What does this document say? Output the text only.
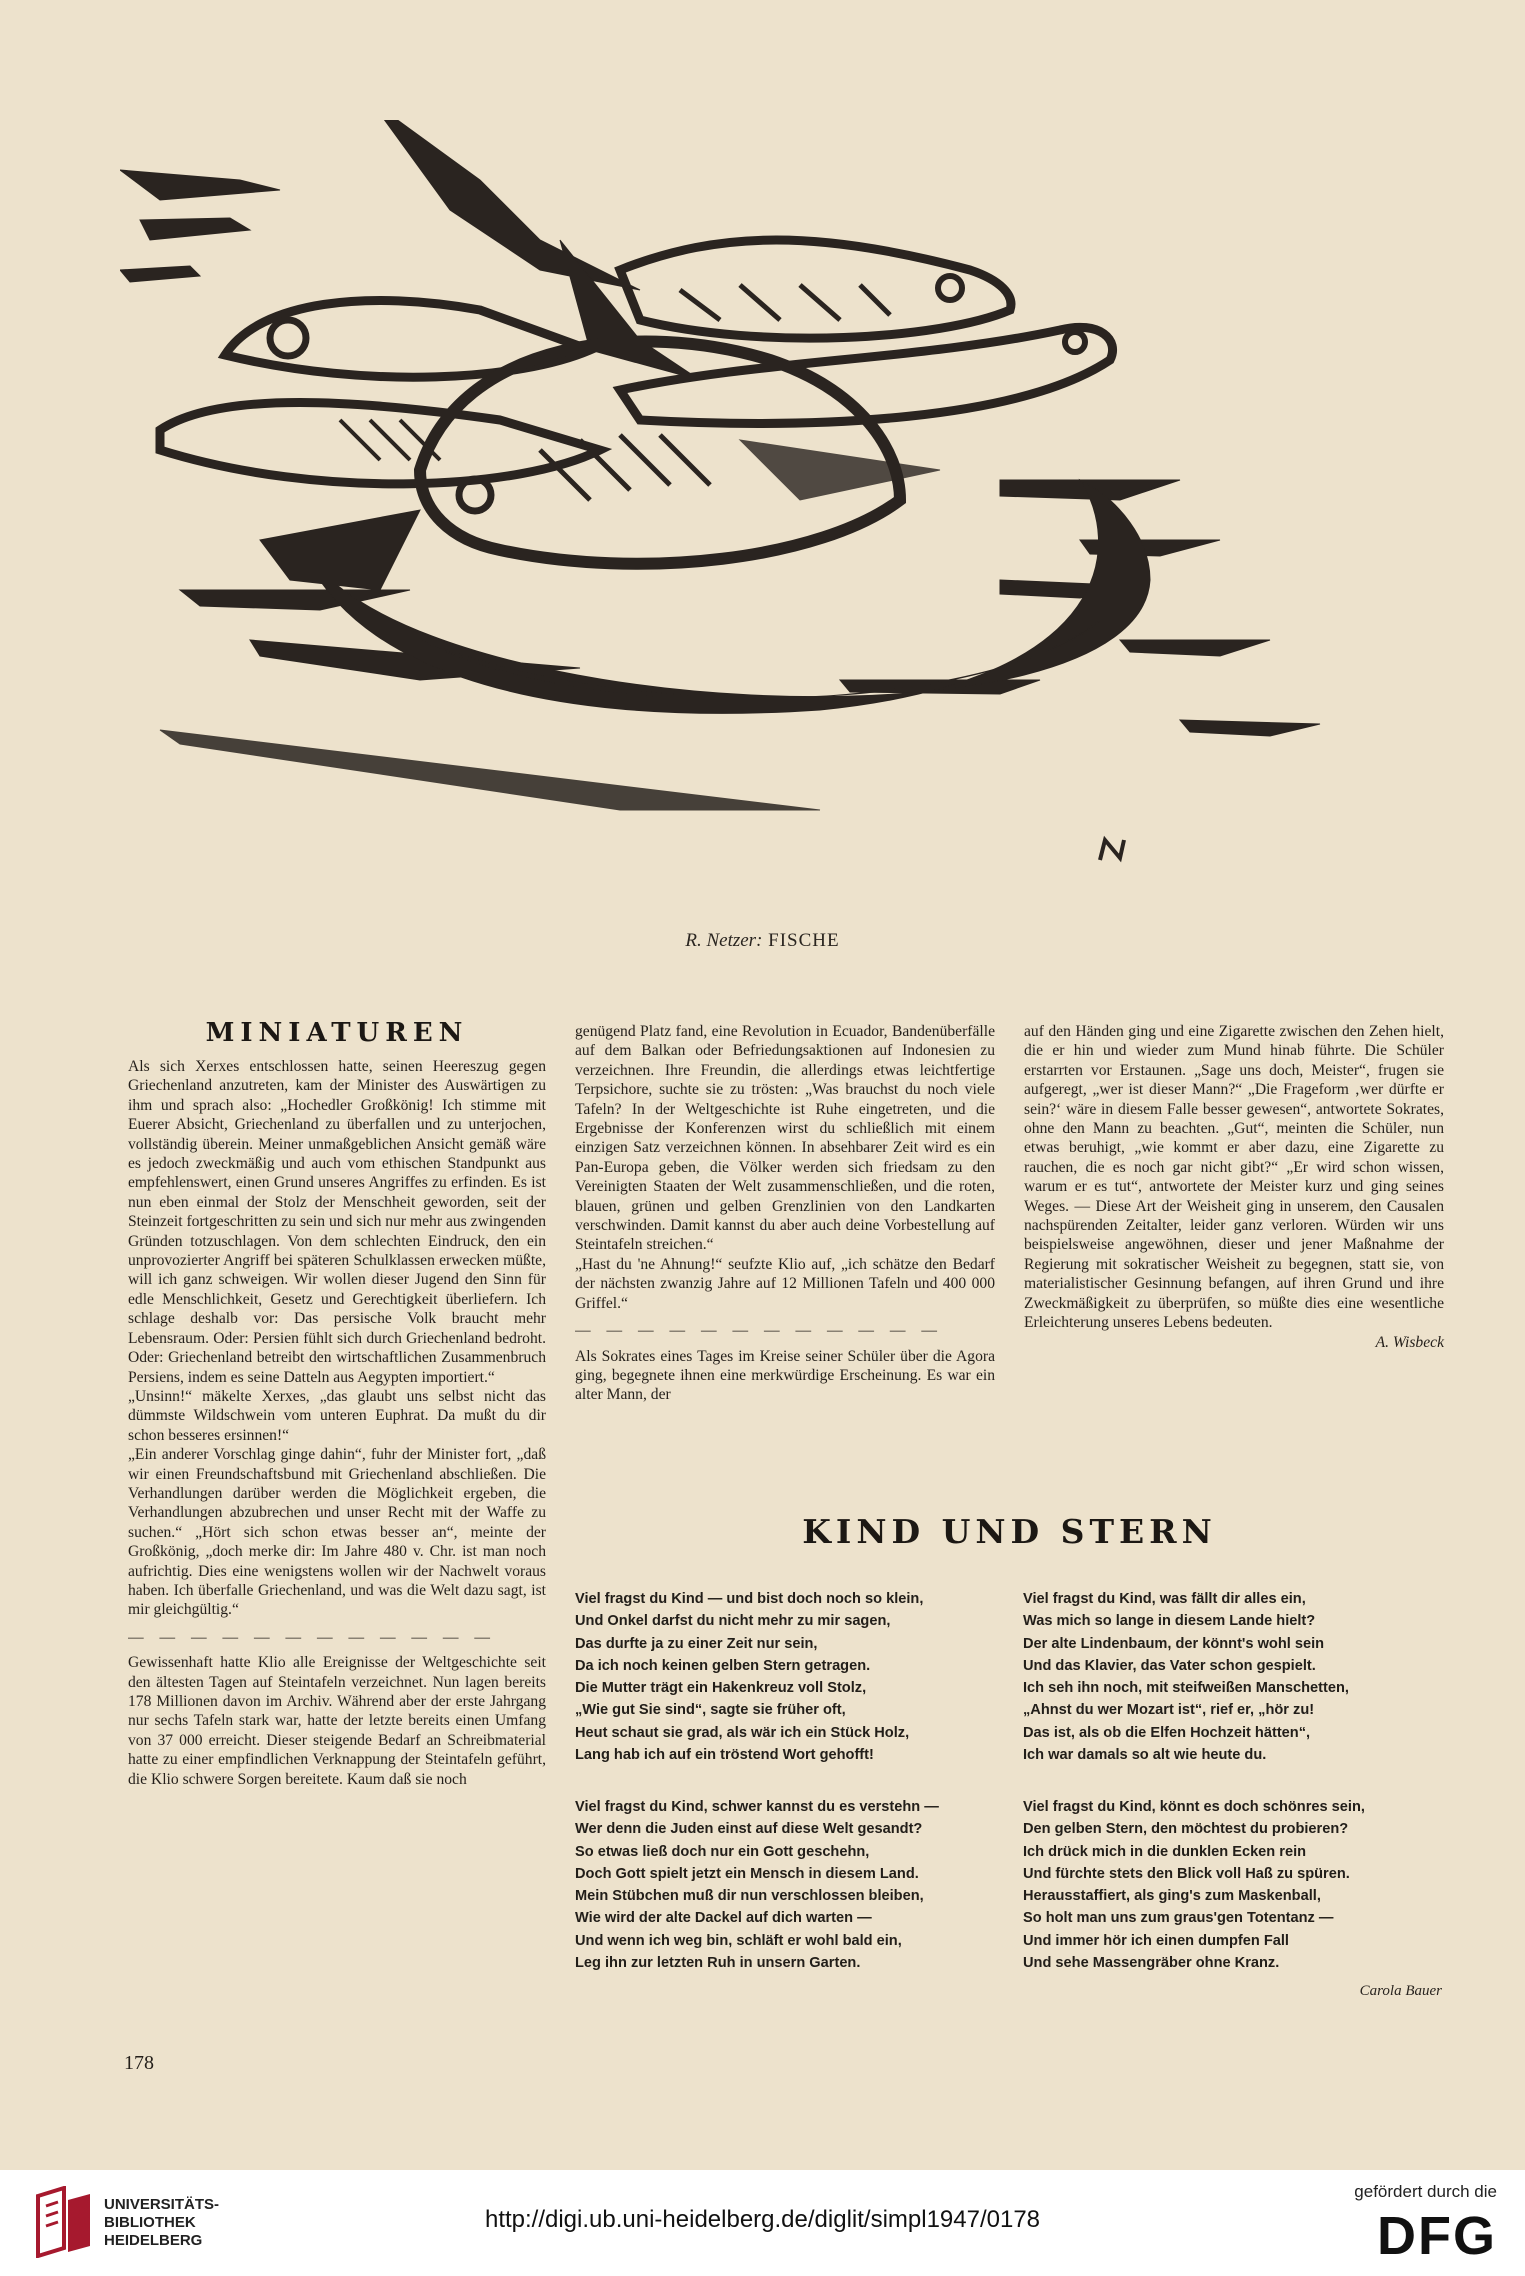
R. Netzer: FISCHE
MINIATUREN

Als sich Xerxes entschlossen hatte, seinen Heereszug gegen Griechenland anzutreten, kam der Minister des Auswärtigen zu ihm und sprach also: „Hochedler Großkönig! Ich stimme mit Euerer Absicht, Griechenland zu überfallen und zu unterjochen, vollständig überein. Meiner unmaßgeblichen Ansicht gemäß wäre es jedoch zweckmäßig und auch vom ethischen Standpunkt aus empfehlenswert, einen Grund unseres Angriffes zu erfinden. Es ist nun eben einmal der Stolz der Menschheit geworden, seit der Steinzeit fortgeschritten zu sein und sich nur mehr aus zwingenden Gründen totzuschlagen. Von dem schlechten Eindruck, den ein unprovozierter Angriff bei späteren Schulklassen erwecken müßte, will ich ganz schweigen. Wir wollen dieser Jugend den Sinn für edle Menschlichkeit, Gesetz und Gerechtigkeit überliefern. Ich schlage deshalb vor: Das persische Volk braucht mehr Lebensraum. Oder: Persien fühlt sich durch Griechenland bedroht. Oder: Griechenland betreibt den wirtschaftlichen Zusammenbruch Persiens, indem es seine Datteln aus Aegypten importiert.“

„Unsinn!“ mäkelte Xerxes, „das glaubt uns selbst nicht das dümmste Wildschwein vom unteren Euphrat. Da mußt du dir schon besseres ersinnen!“

„Ein anderer Vorschlag ginge dahin“, fuhr der Minister fort, „daß wir einen Freundschaftsbund mit Griechenland abschließen. Die Verhandlungen darüber werden die Möglichkeit ergeben, die Verhandlungen abzubrechen und unser Recht mit der Waffe zu suchen.“ „Hört sich schon etwas besser an“, meinte der Großkönig, „doch merke dir: Im Jahre 480 v. Chr. ist man noch aufrichtig. Dies eine wenigstens wollen wir der Nachwelt voraus haben. Ich überfalle Griechenland, und was die Welt dazu sagt, ist mir gleichgültig.“

— — — — — — — — — — — —

Gewissenhaft hatte Klio alle Ereignisse der Weltgeschichte seit den ältesten Tagen auf Steintafeln verzeichnet. Nun lagen bereits 178 Millionen davon im Archiv. Während aber der erste Jahrgang nur sechs Tafeln stark war, hatte der letzte bereits einen Umfang von 37 000 erreicht. Dieser steigende Bedarf an Schreibmaterial hatte zu einer empfindlichen Verknappung der Steintafeln geführt, die Klio schwere Sorgen bereitete. Kaum daß sie noch

genügend Platz fand, eine Revolution in Ecuador, Bandenüberfälle auf dem Balkan oder Befriedungsaktionen auf Indonesien zu verzeichnen. Ihre Freundin, die allerdings etwas leichtfertige Terpsichore, suchte sie zu trösten: „Was brauchst du noch viele Tafeln? In der Weltgeschichte ist Ruhe eingetreten, und die Ergebnisse der Konferenzen wirst du schließlich mit einem einzigen Satz verzeichnen können. In absehbarer Zeit wird es ein Pan-Europa geben, die Völker werden sich friedsam zu den Vereinigten Staaten der Welt zusammenschließen, und die roten, blauen, grünen und gelben Grenzlinien von den Landkarten verschwinden. Damit kannst du aber auch deine Vorbestellung auf Steintafeln streichen.“

„Hast du 'ne Ahnung!“ seufzte Klio auf, „ich schätze den Bedarf der nächsten zwanzig Jahre auf 12 Millionen Tafeln und 400 000 Griffel.“

— — — — — — — — — — — —

Als Sokrates eines Tages im Kreise seiner Schüler über die Agora ging, begegnete ihnen eine merkwürdige Erscheinung. Es war ein alter Mann, der

auf den Händen ging und eine Zigarette zwischen den Zehen hielt, die er hin und wieder zum Mund hinab führte. Die Schüler erstarrten vor Erstaunen. „Sage uns doch, Meister“, frugen sie aufgeregt, „wer ist dieser Mann?“ „Die Frageform ‚wer dürfte er sein?‘ wäre in diesem Falle besser gewesen“, antwortete Sokrates, ohne den Mann zu beachten. „Gut“, meinten die Schüler, nun etwas beruhigt, „wie kommt er aber dazu, eine Zigarette zu rauchen, die es noch gar nicht gibt?“ „Er wird schon wissen, warum er es tut“, antwortete der Meister kurz und ging seines Weges. — Diese Art der Weisheit ging in unserem, den Causalen nachspürenden Zeitalter, leider ganz verloren. Würden wir uns beispielsweise angewöhnen, dieser und jener Maßnahme der Regierung mit sokratischer Weisheit zu begegnen, statt sie, von materialistischer Gesinnung befangen, auf ihren Grund und ihre Zweckmäßigkeit zu überprüfen, so müßte dies eine wesentliche Erleichterung unseres Lebens bedeuten.

A. Wisbeck

KIND UND STERN
Viel fragst du Kind — und bist doch noch so klein,
Und Onkel darfst du nicht mehr zu mir sagen,
Das durfte ja zu einer Zeit nur sein,
Da ich noch keinen gelben Stern getragen.
Die Mutter trägt ein Hakenkreuz voll Stolz,
„Wie gut Sie sind“, sagte sie früher oft,
Heut schaut sie grad, als wär ich ein Stück Holz,
Lang hab ich auf ein tröstend Wort gehofft!
Viel fragst du Kind, was fällt dir alles ein,
Was mich so lange in diesem Lande hielt?
Der alte Lindenbaum, der könnt's wohl sein
Und das Klavier, das Vater schon gespielt.
Ich seh ihn noch, mit steifweißen Manschetten,
„Ahnst du wer Mozart ist“, rief er, „hör zu!
Das ist, als ob die Elfen Hochzeit hätten“,
Ich war damals so alt wie heute du.
Viel fragst du Kind, schwer kannst du es verstehn —
Wer denn die Juden einst auf diese Welt gesandt?
So etwas ließ doch nur ein Gott geschehn,
Doch Gott spielt jetzt ein Mensch in diesem Land.
Mein Stübchen muß dir nun verschlossen bleiben,
Wie wird der alte Dackel auf dich warten —
Und wenn ich weg bin, schläft er wohl bald ein,
Leg ihn zur letzten Ruh in unsern Garten.
Viel fragst du Kind, könnt es doch schönres sein,
Den gelben Stern, den möchtest du probieren?
Ich drück mich in die dunklen Ecken rein
Und fürchte stets den Blick voll Haß zu spüren.
Herausstaffiert, als ging's zum Maskenball,
So holt man uns zum graus'gen Totentanz —
Und immer hör ich einen dumpfen Fall
Und sehe Massengräber ohne Kranz.
Carola Bauer
178
UNIVERSITÄTS-
BIBLIOTHEK
HEIDELBERG
http://digi.ub.uni-heidelberg.de/diglit/simpl1947/0178
gefördert durch die
DFG
